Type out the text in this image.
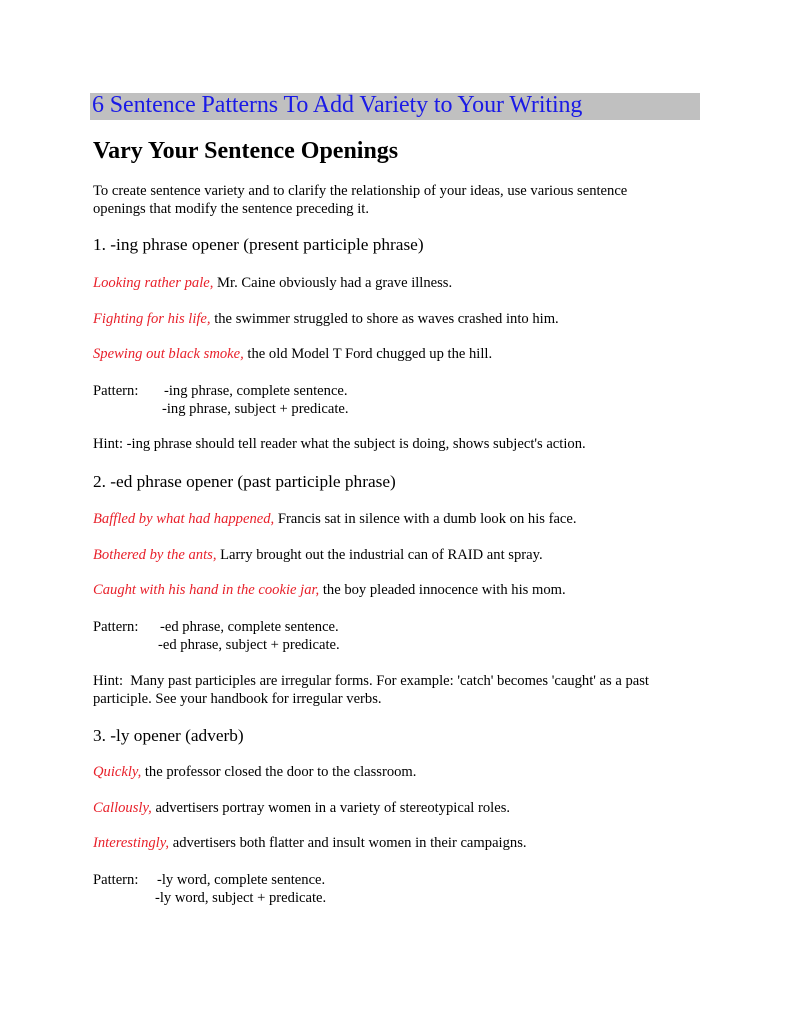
6 Sentence Patterns To Add Variety to Your Writing
Vary Your Sentence Openings
To create sentence variety and to clarify the relationship of your ideas, use various sentence
openings that modify the sentence preceding it.
1. -ing phrase opener (present participle phrase)
Looking rather pale, Mr. Caine obviously had a grave illness.
Fighting for his life, the swimmer struggled to shore as waves crashed into him.
Spewing out black smoke, the old Model T Ford chugged up the hill.
Pattern: -ing phrase, complete sentence.
-ing phrase, subject + predicate.
Hint: -ing phrase should tell reader what the subject is doing, shows subject's action.
2. -ed phrase opener (past participle phrase)
Baffled by what had happened, Francis sat in silence with a dumb look on his face.
Bothered by the ants, Larry brought out the industrial can of RAID ant spray.
Caught with his hand in the cookie jar, the boy pleaded innocence with his mom.
Pattern: -ed phrase, complete sentence.
-ed phrase, subject + predicate.
Hint:  Many past participles are irregular forms. For example: 'catch' becomes 'caught' as a past
participle. See your handbook for irregular verbs.
3. -ly opener (adverb)
Quickly, the professor closed the door to the classroom.
Callously, advertisers portray women in a variety of stereotypical roles.
Interestingly, advertisers both flatter and insult women in their campaigns.
Pattern: -ly word, complete sentence.
-ly word, subject + predicate.
